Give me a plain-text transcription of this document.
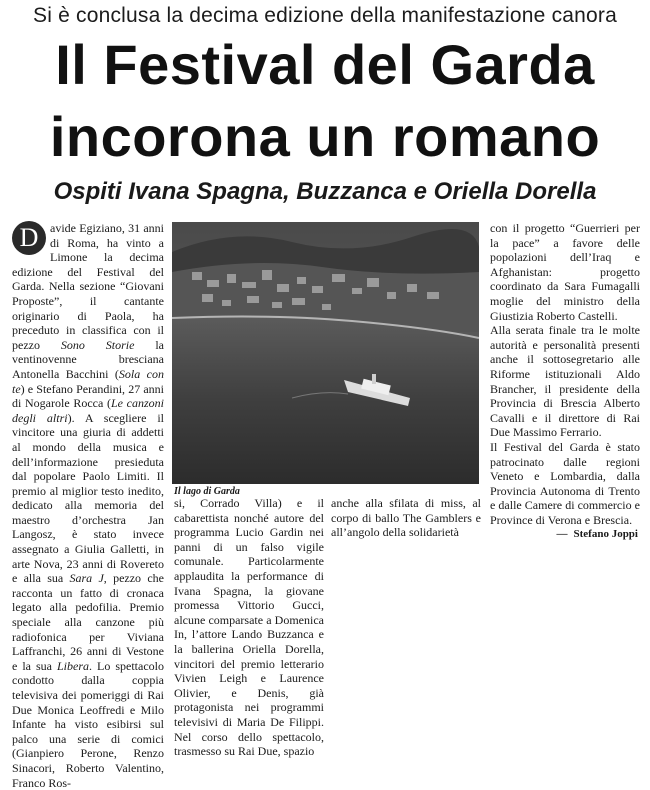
Si è conclusa la decima edizione della manifestazione canora
Il Festival del Garda
incorona un romano
Ospiti Ivana Spagna, Buzzanca e Oriella Dorella
D avide Egiziano, 31 anni di Roma, ha vinto a Limone la decima edizione del Festival del Garda. Nella sezione “Giovani Proposte”, il cantante originario di Paola, ha preceduto in classifica con il pezzo Sono Storie la ventinovenne bresciana Antonella Bacchini (Sola con te) e Stefano Perandini, 27 anni di Nogarole Rocca (Le canzoni degli altri). A scegliere il vincitore una giuria di addetti al mondo della musica e dell’informazione presieduta dal popolare Paolo Limiti. Il premio al miglior testo inedito, dedicato alla memoria del maestro d’orchestra Jan Langosz, è stato invece assegnato a Giulia Galletti, in arte Nova, 23 anni di Rovereto e alla sua Sara J, pezzo che racconta un fatto di cronaca legato alla pedofilia. Premio speciale alla canzone più radiofonica per Viviana Laffranchi, 26 anni di Vestone e la sua Libera. Lo spettacolo condotto dalla coppia televisiva dei pomeriggi di Rai Due Monica Leoffredi e Milo Infante ha visto esibirsi sul palco una serie di comici (Gianpiero Perone, Renzo Sinacori, Roberto Valentino, Franco Ros-

Il lago di Garda

si, Corrado Villa) e il cabarettista nonché autore del programma Lucio Gardin nei panni di un falso vigile comunale. Particolarmente applaudita la performance di Ivana Spagna, la giovane promessa Vittorio Gucci, alcune comparsate a Domenica In, l’attore Lando Buzzanca e la ballerina Oriella Dorella, vincitori del premio letterario Vivien Leigh e Laurence Olivier, e Denis, già protagonista nei programmi televisivi di Maria De Filippi. Nel corso dello spettacolo, trasmesso su Rai Due, spazio

anche alla sfilata di miss, al corpo di ballo The Gamblers e all’angolo della solidarietà

con il progetto “Guerrieri per la pace” a favore delle popolazioni dell’Iraq e Afghanistan: progetto coordinato da Sara Fumagalli moglie del ministro della Giustizia Roberto Castelli.

Alla serata finale tra le molte autorità e personalità presenti anche il sottosegretario alle Riforme istituzionali Aldo Brancher, il presidente della Provincia di Brescia Alberto Cavalli e il direttore di Rai Due Massimo Ferrario.

Il Festival del Garda è stato patrocinato dalle regioni Veneto e Lombardia, dalla Provincia Autonoma di Trento e dalle Camere di commercio e Province di Verona e Brescia.

— Stefano Joppi
